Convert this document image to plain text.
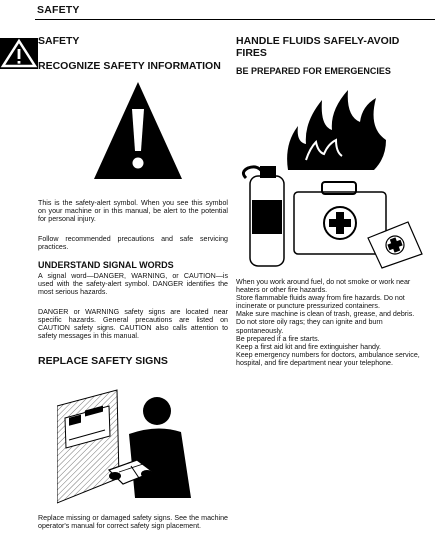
SAFETY
SAFETY
RECOGNIZE SAFETY INFORMATION
This is the safety-alert symbol. When you see this symbol on your machine or in this manual, be alert to the potential for personal injury.
Follow recommended precautions and safe servicing practices.
UNDERSTAND SIGNAL WORDS
A signal word—DANGER, WARNING, or CAUTION—is used with the safety-alert symbol. DANGER identifies the most serious hazards.
DANGER or WARNING safety signs are located near specific hazards. General precautions are listed on CAUTION safety signs. CAUTION also calls attention to safety messages in this manual.
REPLACE SAFETY SIGNS
Replace missing or damaged safety signs. See the machine operator's manual for correct safety sign placement.
HANDLE FLUIDS SAFELY-AVOID FIRES
BE PREPARED FOR EMERGENCIES
When you work around fuel, do not smoke or work near heaters or other fire hazards.
Store flammable fluids away from fire hazards. Do not incinerate or puncture pressurized containers.
Make sure machine is clean of trash, grease, and debris.
Do not store oily rags; they can ignite and burn spontaneously.
Be prepared if a fire starts.
Keep a first aid kit and fire extinguisher handy.
Keep emergency numbers for doctors, ambulance service, hospital, and fire department near your telephone.
